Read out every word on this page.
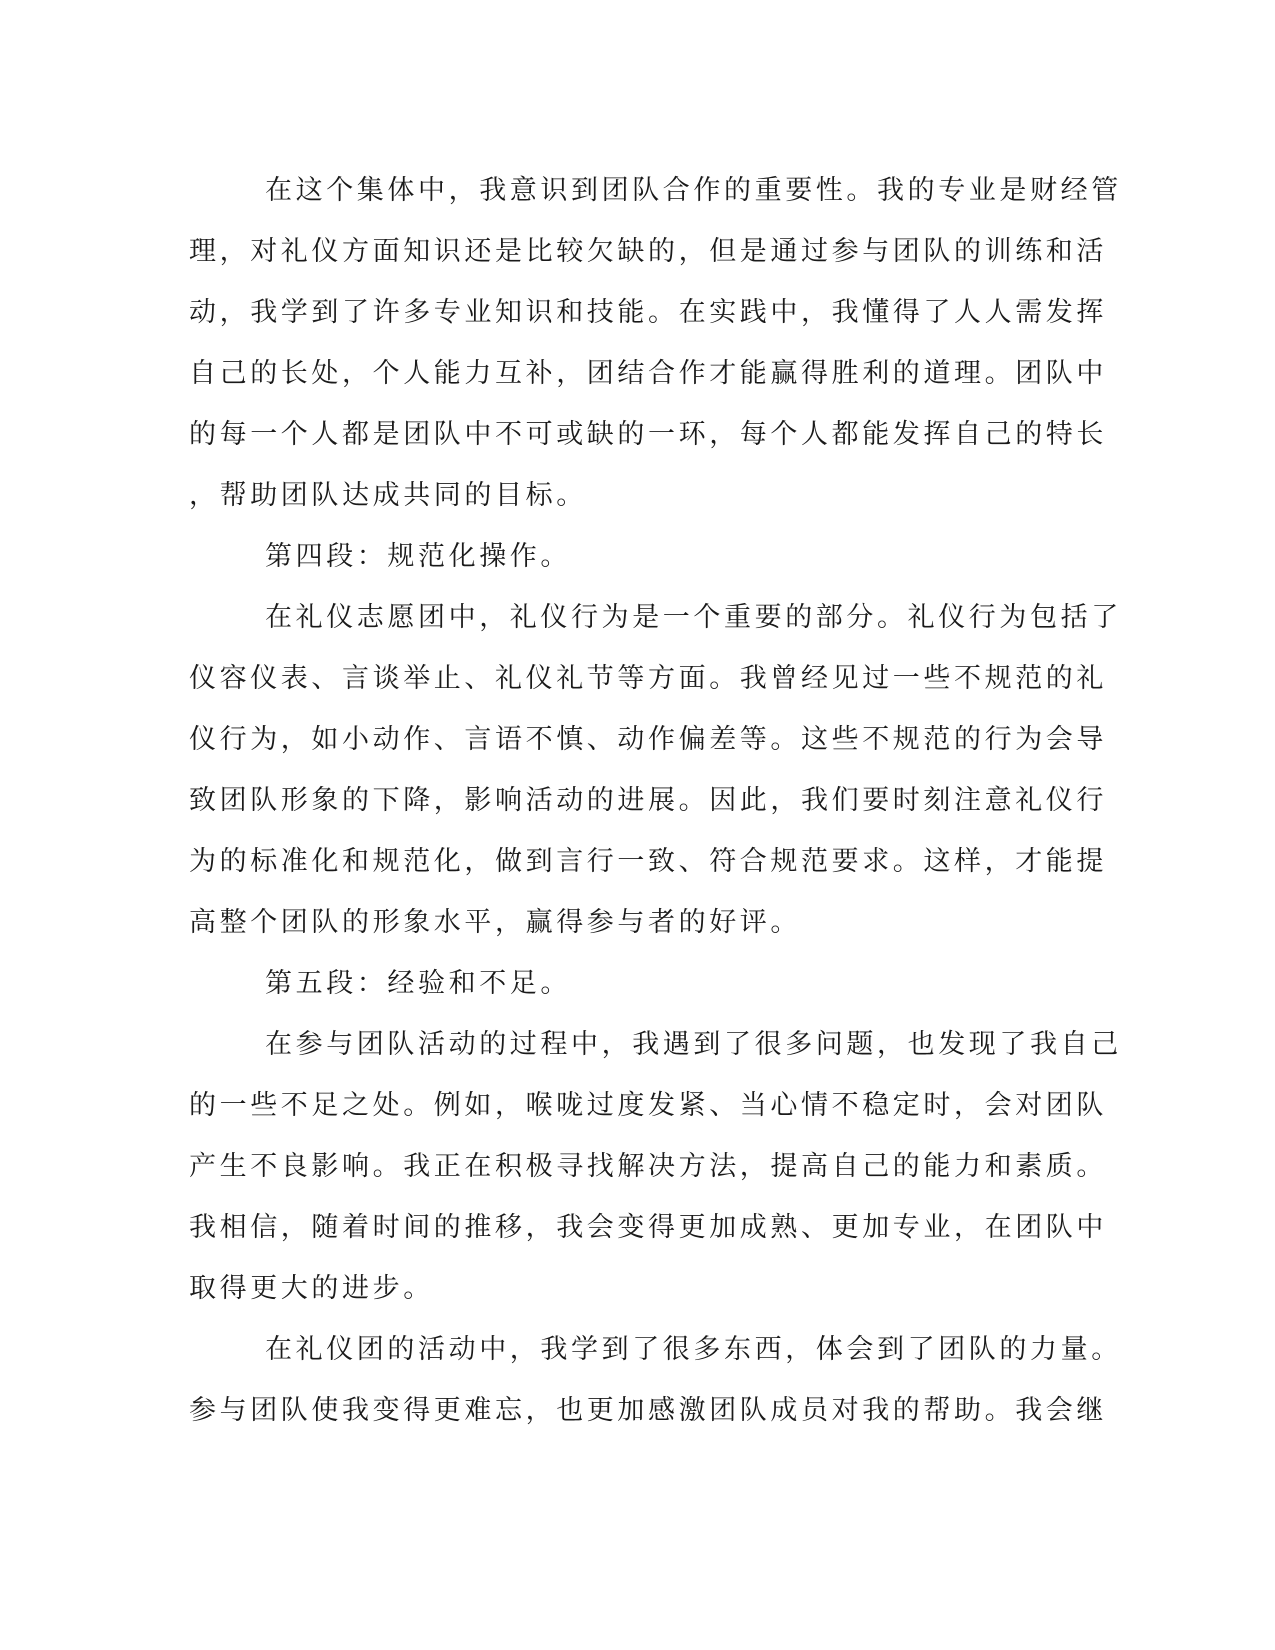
在这个集体中，我意识到团队合作的重要性。我的专业是财经管
理，对礼仪方面知识还是比较欠缺的，但是通过参与团队的训练和活
动，我学到了许多专业知识和技能。在实践中，我懂得了人人需发挥
自己的长处，个人能力互补，团结合作才能赢得胜利的道理。团队中
的每一个人都是团队中不可或缺的一环，每个人都能发挥自己的特长
，帮助团队达成共同的目标。
第四段：规范化操作。
在礼仪志愿团中，礼仪行为是一个重要的部分。礼仪行为包括了
仪容仪表、言谈举止、礼仪礼节等方面。我曾经见过一些不规范的礼
仪行为，如小动作、言语不慎、动作偏差等。这些不规范的行为会导
致团队形象的下降，影响活动的进展。因此，我们要时刻注意礼仪行
为的标准化和规范化，做到言行一致、符合规范要求。这样，才能提
高整个团队的形象水平，赢得参与者的好评。
第五段：经验和不足。
在参与团队活动的过程中，我遇到了很多问题，也发现了我自己
的一些不足之处。例如，喉咙过度发紧、当心情不稳定时，会对团队
产生不良影响。我正在积极寻找解决方法，提高自己的能力和素质。
我相信，随着时间的推移，我会变得更加成熟、更加专业，在团队中
取得更大的进步。
在礼仪团的活动中，我学到了很多东西，体会到了团队的力量。
参与团队使我变得更难忘，也更加感激团队成员对我的帮助。我会继
